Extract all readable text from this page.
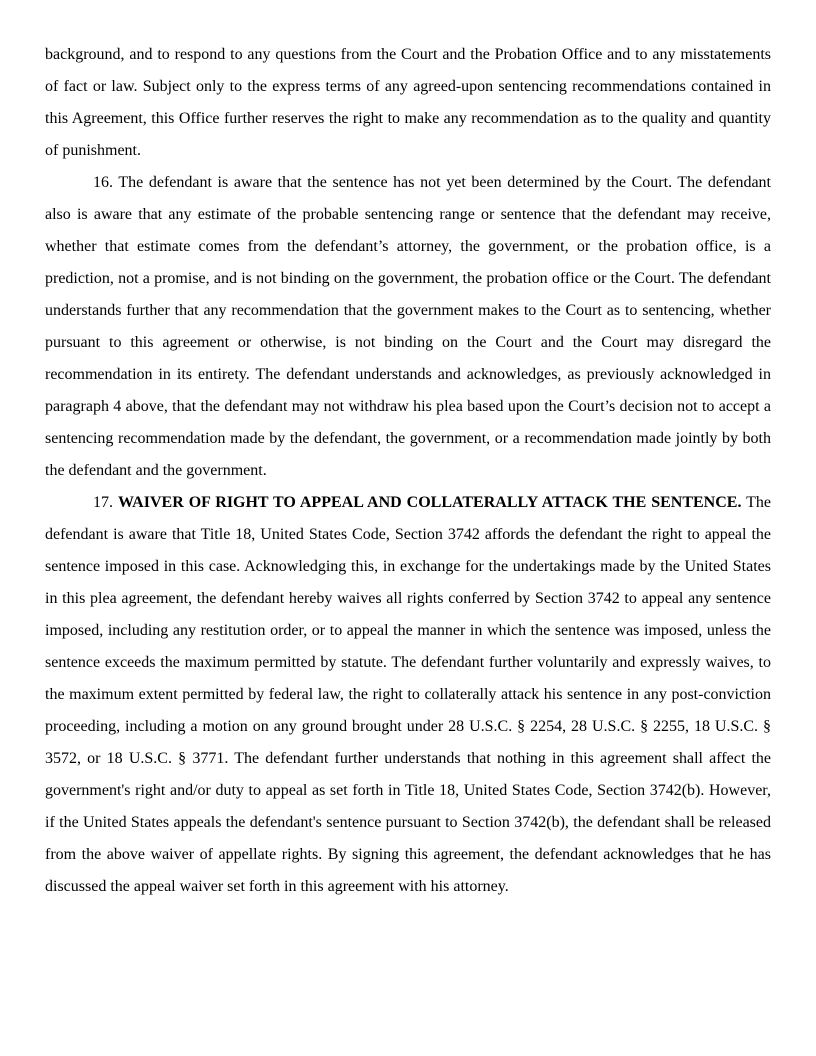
background, and to respond to any questions from the Court and the Probation Office and to any misstatements of fact or law. Subject only to the express terms of any agreed-upon sentencing recommendations contained in this Agreement, this Office further reserves the right to make any recommendation as to the quality and quantity of punishment.

16. The defendant is aware that the sentence has not yet been determined by the Court. The defendant also is aware that any estimate of the probable sentencing range or sentence that the defendant may receive, whether that estimate comes from the defendant’s attorney, the government, or the probation office, is a prediction, not a promise, and is not binding on the government, the probation office or the Court. The defendant understands further that any recommendation that the government makes to the Court as to sentencing, whether pursuant to this agreement or otherwise, is not binding on the Court and the Court may disregard the recommendation in its entirety. The defendant understands and acknowledges, as previously acknowledged in paragraph 4 above, that the defendant may not withdraw his plea based upon the Court’s decision not to accept a sentencing recommendation made by the defendant, the government, or a recommendation made jointly by both the defendant and the government.

17. WAIVER OF RIGHT TO APPEAL AND COLLATERALLY ATTACK THE SENTENCE. The defendant is aware that Title 18, United States Code, Section 3742 affords the defendant the right to appeal the sentence imposed in this case. Acknowledging this, in exchange for the undertakings made by the United States in this plea agreement, the defendant hereby waives all rights conferred by Section 3742 to appeal any sentence imposed, including any restitution order, or to appeal the manner in which the sentence was imposed, unless the sentence exceeds the maximum permitted by statute. The defendant further voluntarily and expressly waives, to the maximum extent permitted by federal law, the right to collaterally attack his sentence in any post-conviction proceeding, including a motion on any ground brought under 28 U.S.C. § 2254, 28 U.S.C. § 2255, 18 U.S.C. § 3572, or 18 U.S.C. § 3771. The defendant further understands that nothing in this agreement shall affect the government's right and/or duty to appeal as set forth in Title 18, United States Code, Section 3742(b). However, if the United States appeals the defendant's sentence pursuant to Section 3742(b), the defendant shall be released from the above waiver of appellate rights. By signing this agreement, the defendant acknowledges that he has discussed the appeal waiver set forth in this agreement with his attorney.
